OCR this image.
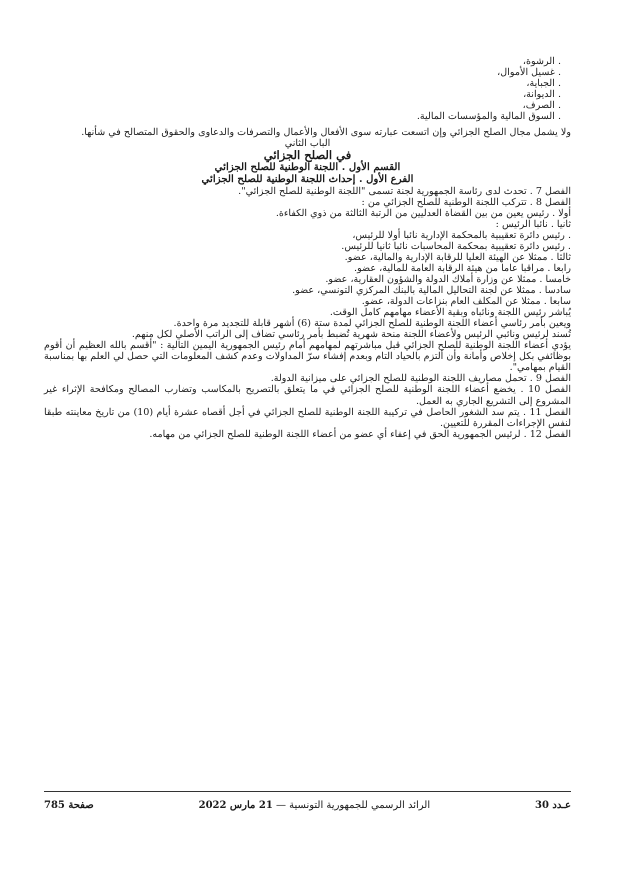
. الرشوة،

. غسيل الأموال،

. الجباية،

. الديوانة،

. الصرف،

. السوق المالية والمؤسسات المالية.

ولا يشمل مجال الصلح الجزائي وإن اتسعت عبارته سوى الأفعال والأعمال والتصرفات والدعاوى والحقوق المتصالح في شأنها.

الباب الثاني

في الصلح الجزائي

القسم الأول . اللجنة الوطنية للصلح الجزائي

الفرع الأول . إحداث اللجنة الوطنية للصلح الجزائي

الفصل 7 . تحدث لدى رئاسة الجمهورية لجنة تسمى "اللجنة الوطنية للصلح الجزائي".

الفصل 8 . تتركب اللجنة الوطنية للصلح الجزائي من :

أولا . رئيس يعين من بين القضاة العدليين من الرتبة الثالثة من ذوي الكفاءة.

ثانيا . نائبا الرئيس :

. رئيس دائرة تعقيبية بالمحكمة الإدارية نائبا أولا للرئيس،

. رئيس دائرة تعقيبية بمحكمة المحاسبات نائبا ثانيا للرئيس.

ثالثا . ممثلا عن الهيئة العليا للرقابة الإدارية والمالية، عضو.

رابعا . مراقبا عاما من هيئة الرقابة العامة للمالية، عضو.

خامسا . ممثلا عن وزارة أملاك الدولة والشؤون العقارية، عضو.

سادسا . ممثلا عن لجنة التحاليل المالية بالبنك المركزي التونسي، عضو.

سابعا . ممثلا عن المكلف العام بنزاعات الدولة، عضو.

يُباشر رئيس اللجنة ونائباه وبقية الأعضاء مهامهم كامل الوقت.

ويعين بأمر رئاسي أعضاء اللجنة الوطنية للصلح الجزائي لمدة ستة (6) أشهر قابلة للتجديد مرة واحدة.

تُسند لرئيس ونائبي الرئيس ولأعضاء اللجنة منحة شهرية تُضبط بأمر رئاسي تضاف إلى الراتب الأصلي لكل منهم.

يؤدي أعضاء اللجنة الوطنية للصلح الجزائي قبل مباشرتهم لمهامهم أمام رئيس الجمهورية اليمين التالية : "أقسم بالله العظيم أن أقوم بوظائفي بكل إخلاص وأمانة وأن ألتزم بالحياد التام وبعدم إفشاء سرّ المداولات وعدم كشف المعلومات التي حصل لي العلم بها بمناسبة القيام بمهامي".

الفصل 9 . تحمل مصاريف اللجنة الوطنية للصلح الجزائي على ميزانية الدولة.

الفصل 10 . يخضع أعضاء اللجنة الوطنية للصلح الجزائي في ما يتعلق بالتصريح بالمكاسب وتضارب المصالح ومكافحة الإثراء غير المشروع إلى التشريع الجاري به العمل.

الفصل 11 . يتم سد الشغور الحاصل في تركيبة اللجنة الوطنية للصلح الجزائي في أجل أقصاه عشرة أيام (10) من تاريخ معاينته طبقا لنفس الإجراءات المقررة للتعيين.

الفصل 12 . لرئيس الجمهورية الحق في إعفاء أي عضو من أعضاء اللجنة الوطنية للصلح الجزائي من مهامه.

عـدد 30
الرائد الرسمي للجمهورية التونسية — 21 مارس 2022
صفحة 785
